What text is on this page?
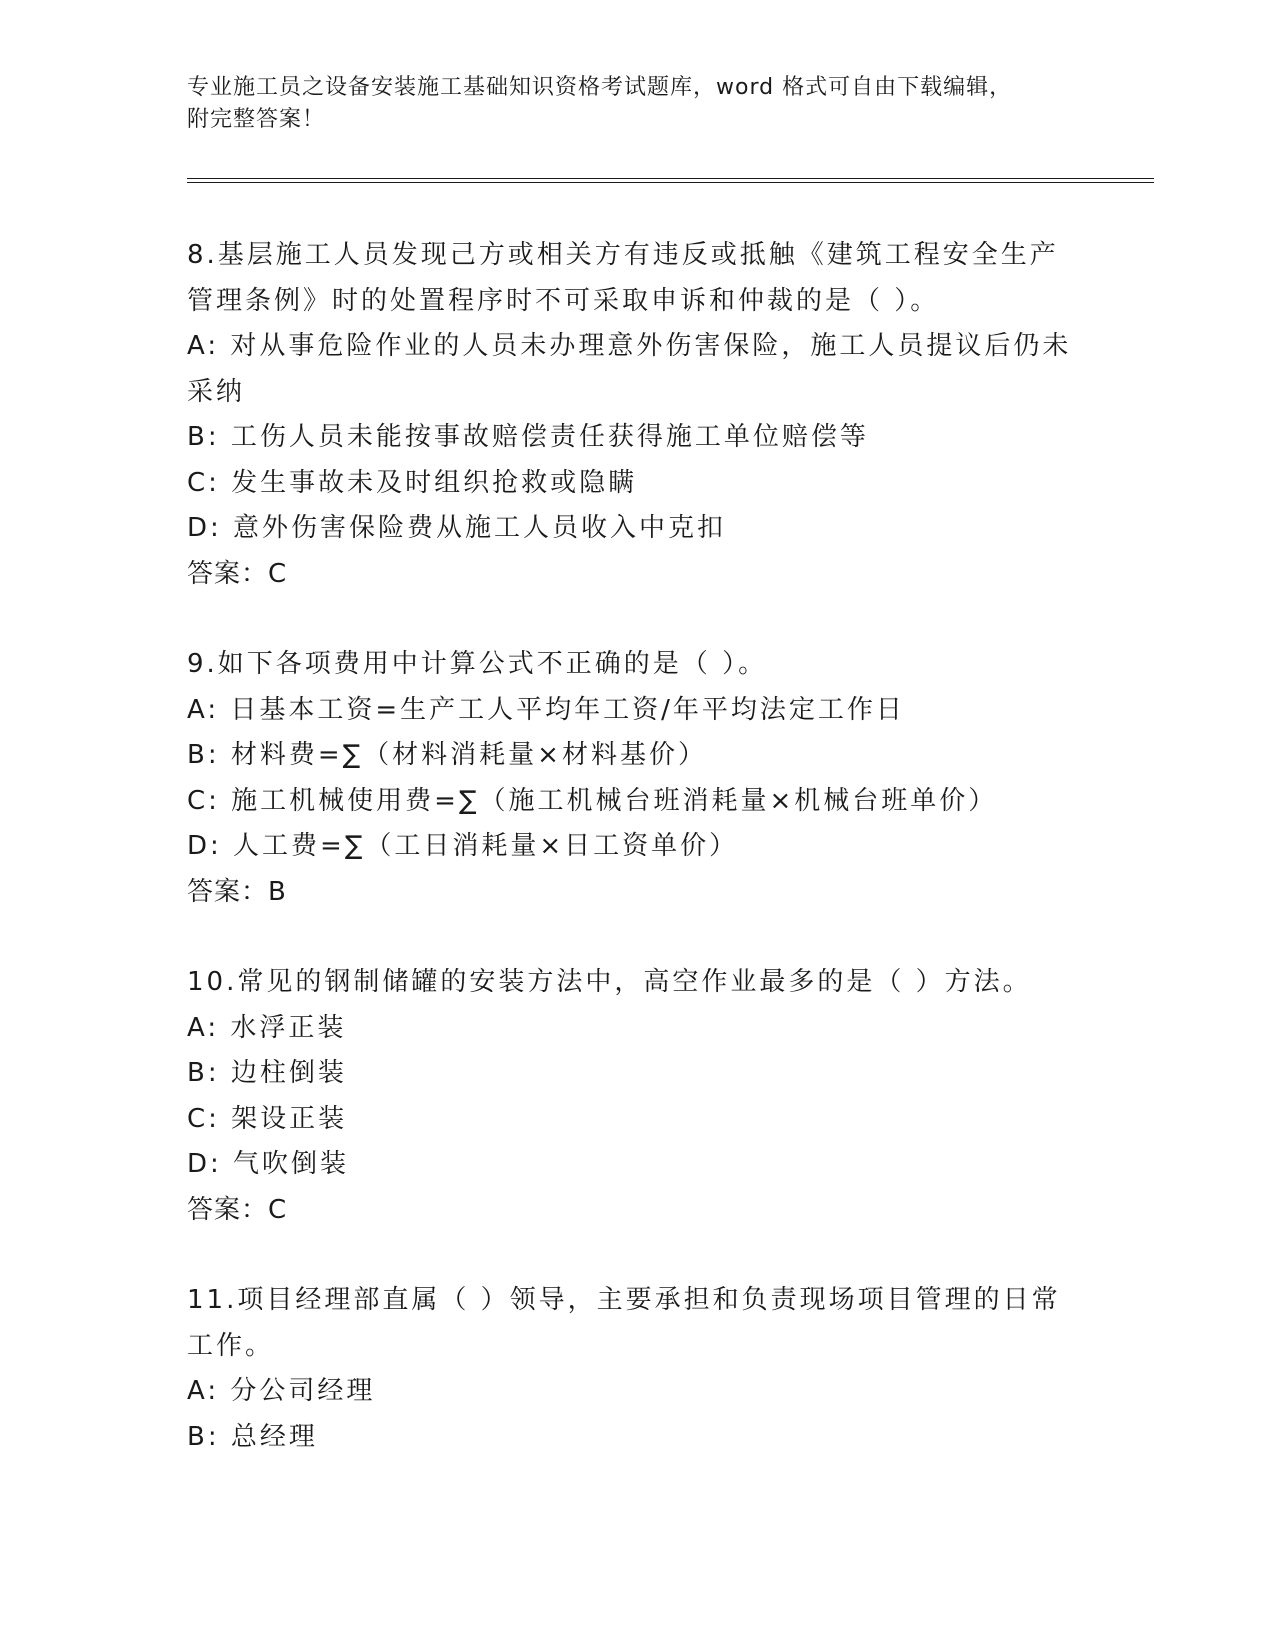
专业施工员之设备安装施工基础知识资格考试题库，word 格式可自由下载编辑，
附完整答案！
8.基层施工人员发现己方或相关方有违反或抵触《建筑工程安全生产
管理条例》时的处置程序时不可采取申诉和仲裁的是（ ）。
A: 对从事危险作业的人员未办理意外伤害保险，施工人员提议后仍未
采纳
B: 工伤人员未能按事故赔偿责任获得施工单位赔偿等
C: 发生事故未及时组织抢救或隐瞒
D: 意外伤害保险费从施工人员收入中克扣
答案：C
9.如下各项费用中计算公式不正确的是（ ）。
A: 日基本工资=生产工人平均年工资/年平均法定工作日
B: 材料费=∑（材料消耗量×材料基价）
C: 施工机械使用费=∑（施工机械台班消耗量×机械台班单价）
D: 人工费=∑（工日消耗量×日工资单价）
答案：B
10.常见的钢制储罐的安装方法中，高空作业最多的是（ ）方法。
A: 水浮正装
B: 边柱倒装
C: 架设正装
D: 气吹倒装
答案：C
11.项目经理部直属（ ）领导，主要承担和负责现场项目管理的日常
工作。
A: 分公司经理
B: 总经理
